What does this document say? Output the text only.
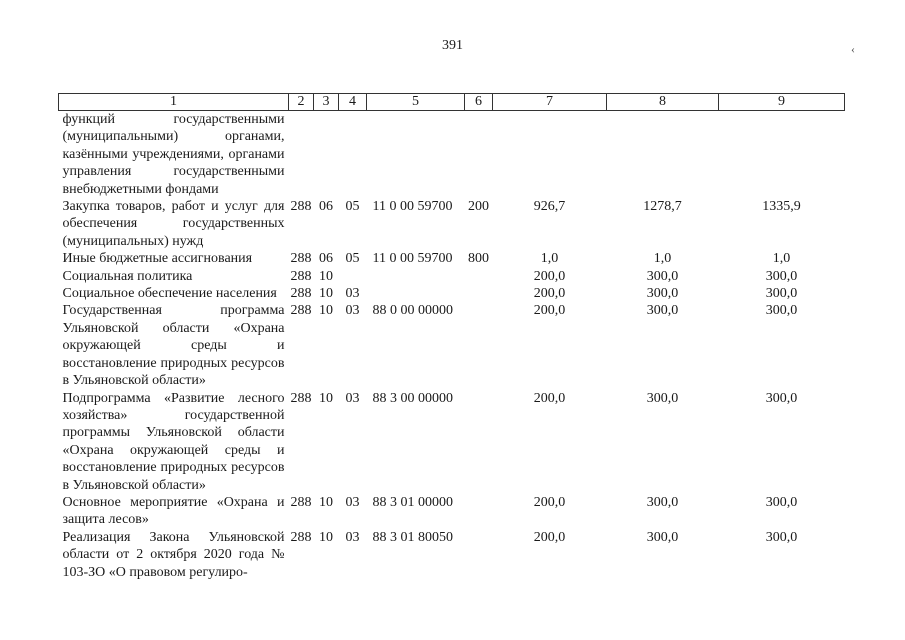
391	‹
1	2	3	4	5	6	7	8	9
функций государственными (муниципальными) органами, казёнными учреждениями, органами управления государственными внебюджетными фондами								
Закупка товаров, работ и услуг для обеспечения государственных (муниципальных) нужд	288	06	05	11 0 00 59700	200	926,7	1278,7	1335,9
Иные бюджетные ассигнования	288	06	05	11 0 00 59700	800	1,0	1,0	1,0
Социальная политика	288	10				200,0	300,0	300,0
Социальное обеспечение населения	288	10	03			200,0	300,0	300,0
Государственная программа Ульяновской области «Охрана окружающей среды и восстановление природных ресурсов в Ульяновской области»	288	10	03	88 0 00 00000		200,0	300,0	300,0
Подпрограмма «Развитие лесного хозяйства» государственной программы Ульяновской области «Охрана окружающей среды и восстановление природных ресурсов в Ульяновской области»	288	10	03	88 3 00 00000		200,0	300,0	300,0
Основное мероприятие «Охрана и защита лесов»	288	10	03	88 3 01 00000		200,0	300,0	300,0
Реализация Закона Ульяновской области от 2 октября 2020 года № 103-ЗО «О правовом регулиро-	288	10	03	88 3 01 80050		200,0	300,0	300,0
